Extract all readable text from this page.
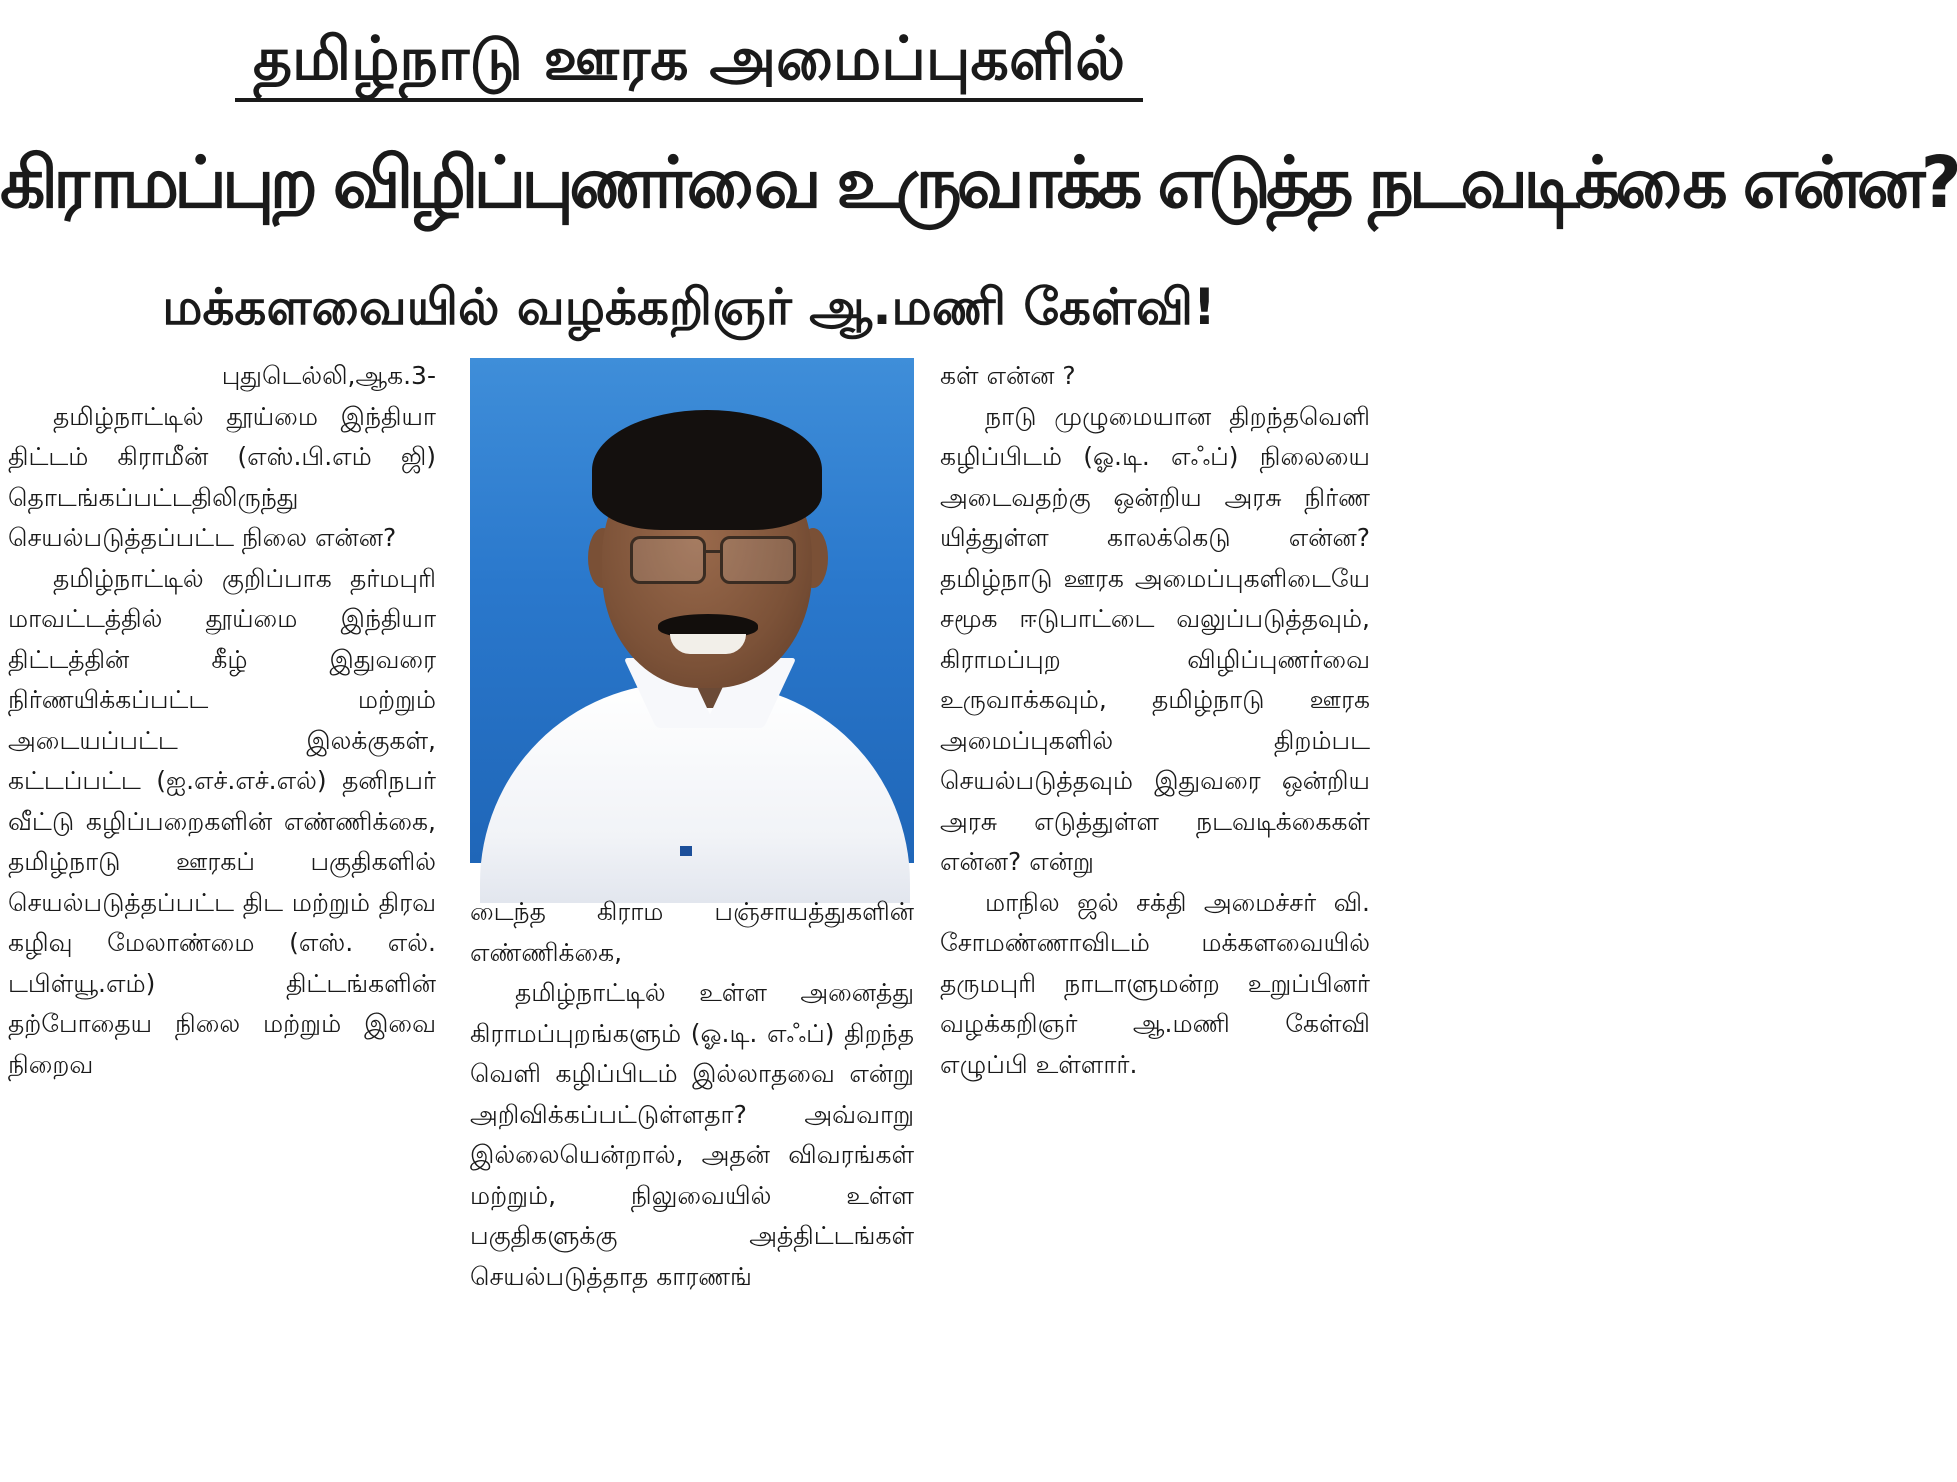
தமிழ்நாடு ஊரக அமைப்புகளில்
கிராமப்புற விழிப்புணர்வை உருவாக்க எடுத்த நடவடிக்கை என்ன?
மக்களவையில் வழக்கறிஞர் ஆ.மணி கேள்வி!

புதுடெல்லி,ஆக.3-

தமிழ்நாட்டில் தூய்மை இந்தியா திட்டம் கிராமீன் (எஸ்.பி.எம் ஜி) தொடங்கப்பட்டதிலிருந்து செயல்படுத்தப்பட்ட நிலை என்ன?

தமிழ்நாட்டில் குறிப்பாக தர்மபுரி மாவட்டத்தில் தூய்மை இந்தியா திட்டத்தின் கீழ் இதுவரை நிர்ணயிக்கப்பட்ட மற்றும் அடையப்பட்ட இலக்குகள், கட்டப்பட்ட (ஐ.எச்.எச்.எல்) தனிநபர் வீட்டு கழிப்பறைகளின் எண்ணிக்கை, தமிழ்நாடு ஊரகப் பகுதிகளில் செயல்படுத்தப்பட்ட திட மற்றும் திரவ கழிவு மேலாண்மை (எஸ். எல். டபிள்யூ.எம்) திட்டங்களின் தற்போதைய நிலை மற்றும் இவை நிறைவ

டைந்த கிராம பஞ்சாயத்துகளின் எண்ணிக்கை,

தமிழ்நாட்டில் உள்ள அனைத்து கிராமப்புறங்களும் (ஓ.டி. எஃப்) திறந்த வெளி கழிப்பிடம் இல்லாதவை என்று அறிவிக்கப்பட்டுள்ளதா? அவ்வாறு இல்லையென்றால், அதன் விவரங்கள் மற்றும், நிலுவையில் உள்ள பகுதிகளுக்கு அத்திட்டங்கள் செயல்படுத்தாத காரணங்

கள் என்ன ?

நாடு முழுமையான திறந்தவெளி கழிப்பிடம் (ஓ.டி. எஃப்) நிலையை அடைவதற்கு ஒன்றிய அரசு நிர்ண யித்துள்ள காலக்கெடு என்ன? தமிழ்நாடு ஊரக அமைப்புகளிடையே சமூக ஈடுபாட்டை வலுப்படுத்தவும், கிராமப்புற விழிப்புணர்வை உருவாக்கவும், தமிழ்நாடு ஊரக அமைப்புகளில் திறம்பட செயல்படுத்தவும் இதுவரை ஒன்றிய அரசு எடுத்துள்ள நடவடிக்கைகள் என்ன? என்று

மாநில ஜல் சக்தி அமைச்சர் வி. சோமண்ணாவிடம் மக்களவையில் தருமபுரி நாடாளுமன்ற உறுப்பினர் வழக்கறிஞர் ஆ.மணி கேள்வி எழுப்பி உள்ளார்.
